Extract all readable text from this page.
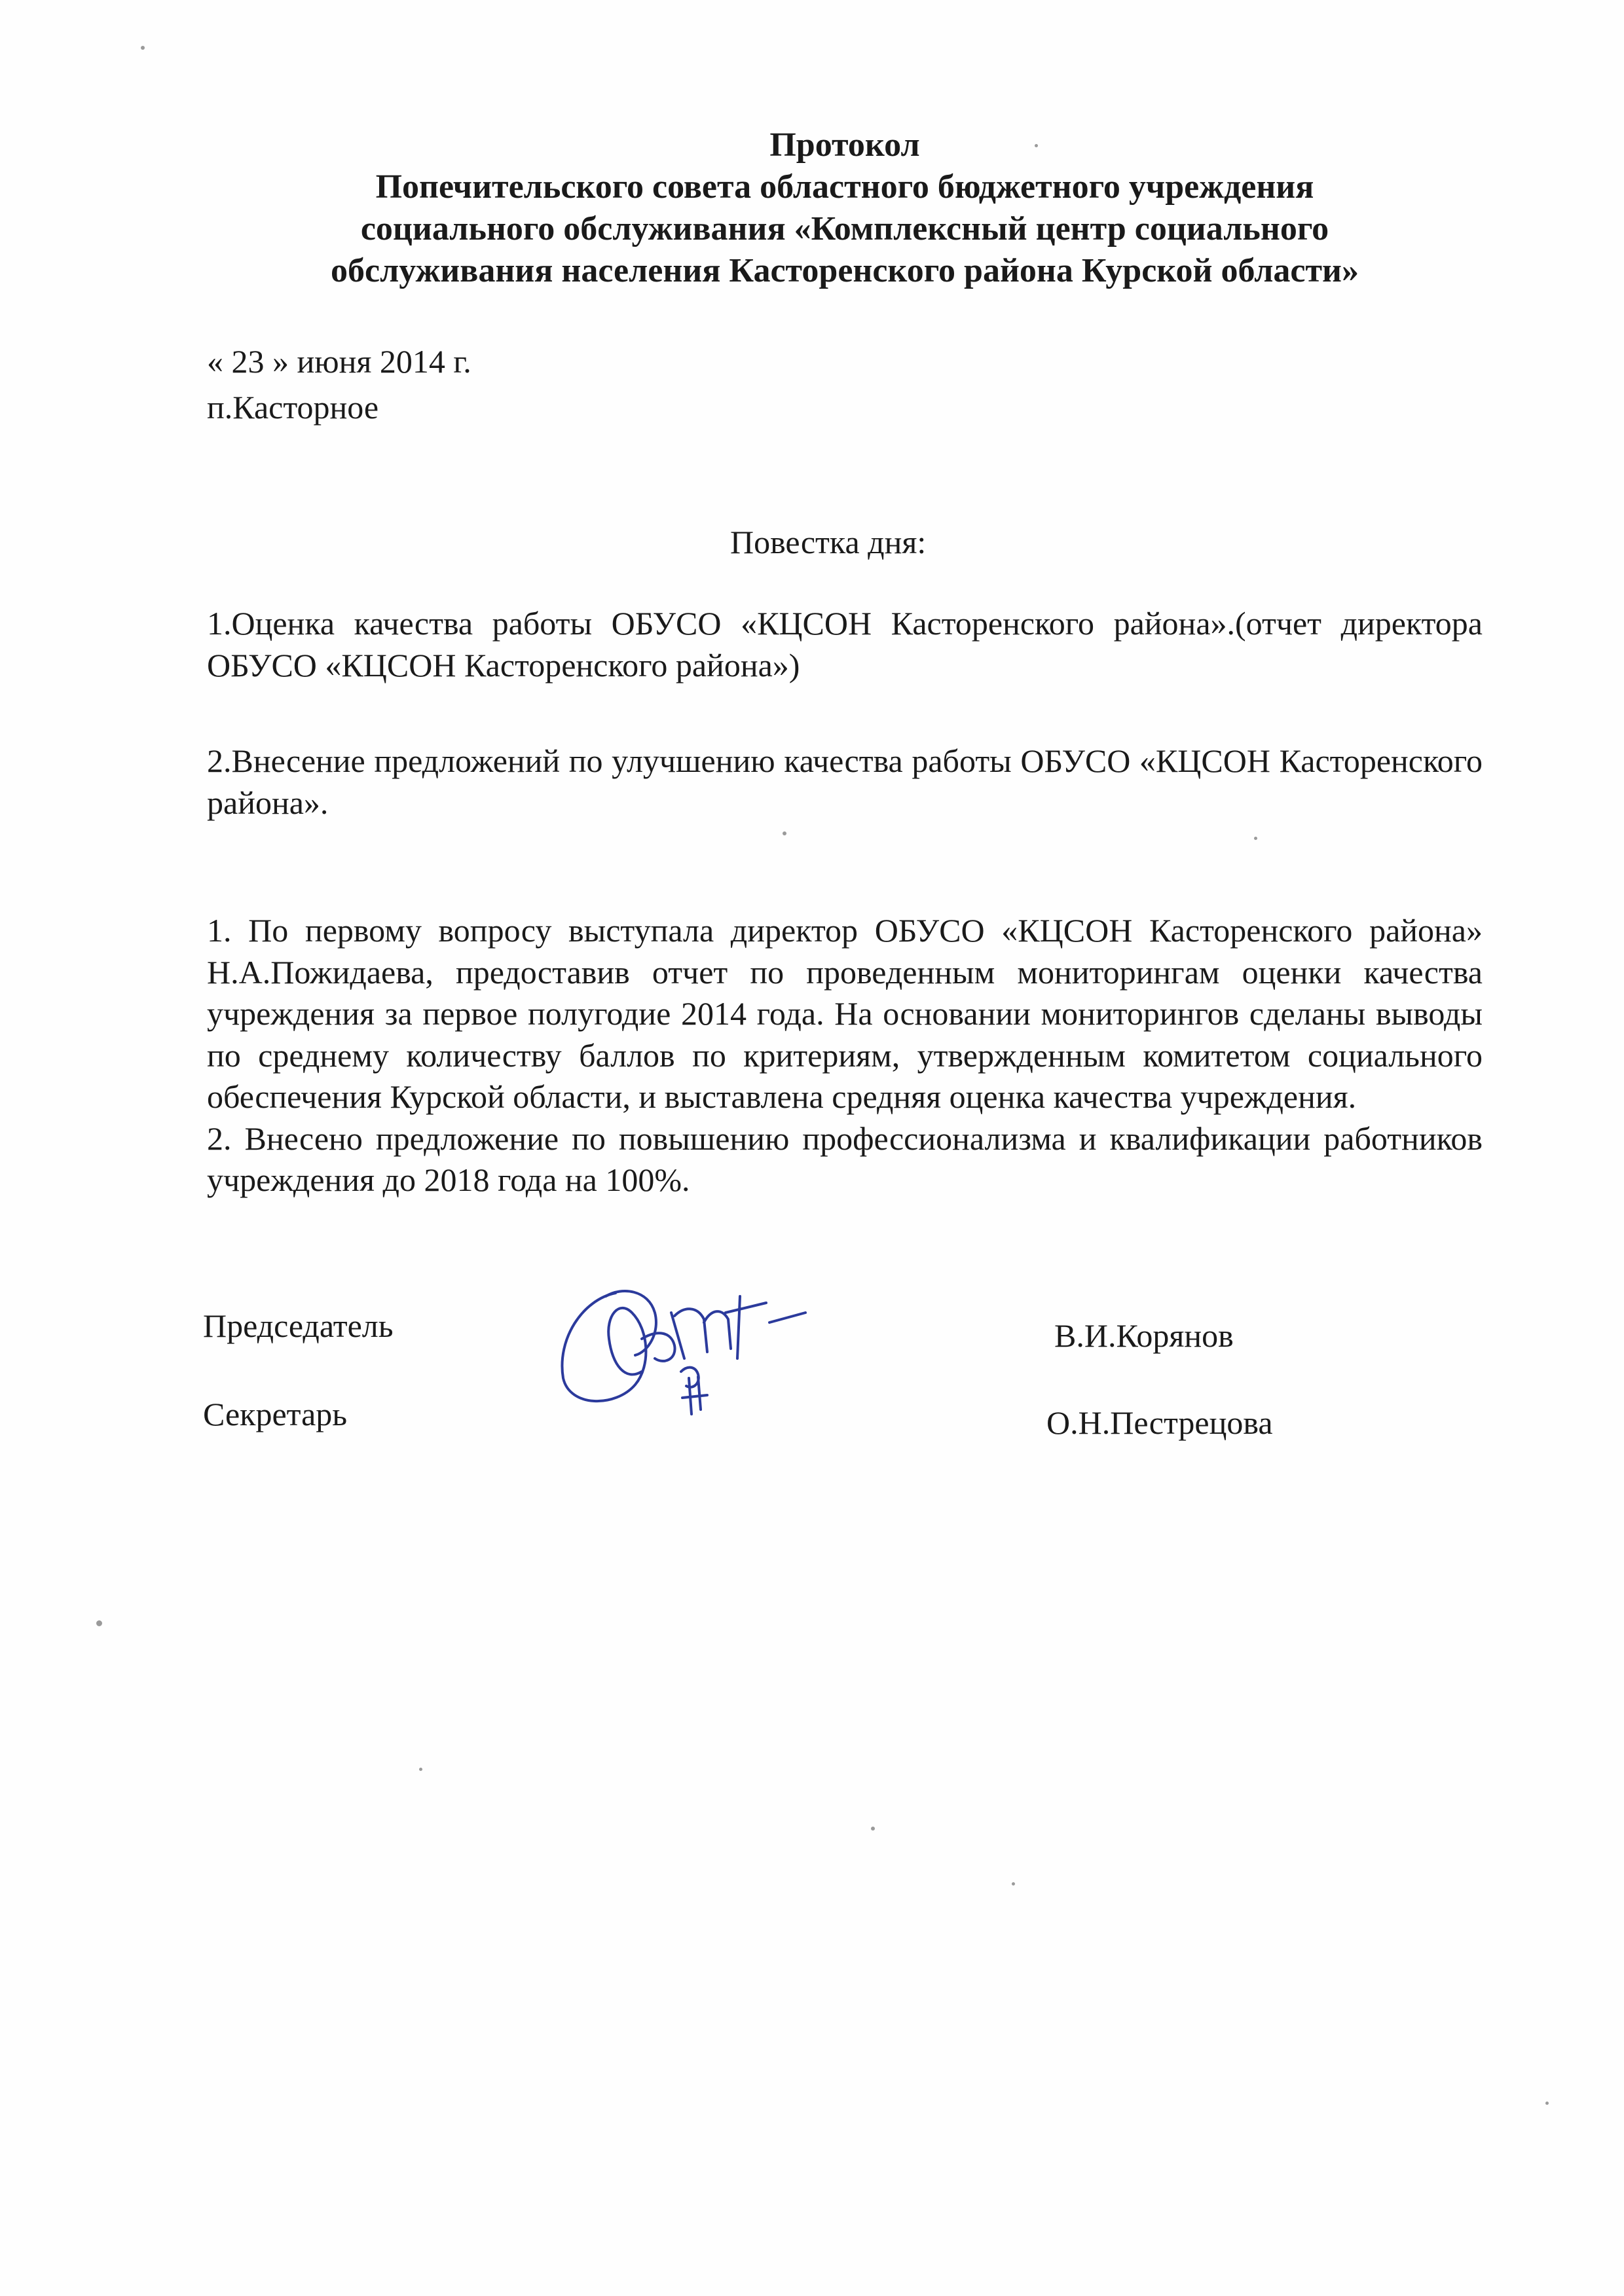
Протокол
Попечительского совета областного бюджетного учреждения
социального обслуживания «Комплексный центр социального
обслуживания населения Касторенского района Курской области»
« 23 » июня 2014 г.
п.Касторное
Повестка дня:
1.Оценка качества работы ОБУСО «КЦСОН Касторенского района».(отчет директора ОБУСО «КЦСОН Касторенского района»)
2.Внесение предложений по улучшению качества работы ОБУСО «КЦСОН Касторенского района».
1. По первому вопросу выступала директор ОБУСО «КЦСОН Касторенского района» Н.А.Пожидаева, предоставив отчет по проведенным мониторингам оценки качества учреждения за первое полугодие 2014 года. На основании мониторингов сделаны выводы по среднему количеству баллов по критериям, утвержденным комитетом социального обеспечения Курской области, и выставлена средняя оценка качества учреждения.
2. Внесено предложение по повышению профессионализма и квалификации работников учреждения до 2018 года на 100%.
Председатель	В.И.Корянов
Секретарь	О.Н.Пестрецова
